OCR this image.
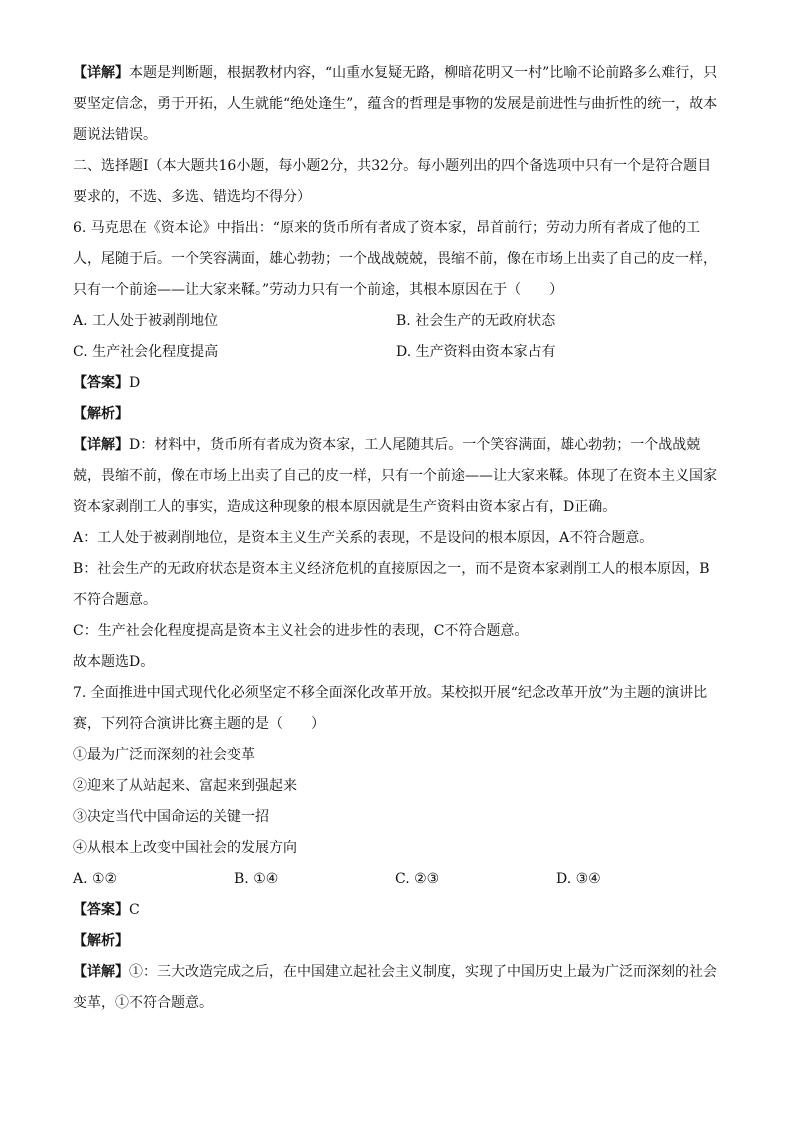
【详解】本题是判断题，根据教材内容，“山重水复疑无路，柳暗花明又一村”比喻不论前路多么难行，只要坚定信念，勇于开拓，人生就能“绝处逢生”，蕴含的哲理是事物的发展是前进性与曲折性的统一，故本题说法错误。

二、选择题Ⅰ（本大题共16小题，每小题2分，共32分。每小题列出的四个备选项中只有一个是符合题目要求的，不选、多选、错选均不得分）

6. 马克思在《资本论》中指出：“原来的货币所有者成了资本家，昂首前行；劳动力所有者成了他的工人，尾随于后。一个笑容满面，雄心勃勃；一个战战兢兢，畏缩不前，像在市场上出卖了自己的皮一样，只有一个前途——让大家来鞣。”劳动力只有一个前途，其根本原因在于（　　）

A. 工人处于被剥削地位	B. 社会生产的无政府状态
C. 生产社会化程度提高	D. 生产资料由资本家占有

【答案】D

【解析】

【详解】D：材料中，货币所有者成为资本家，工人尾随其后。一个笑容满面，雄心勃勃；一个战战兢兢，畏缩不前，像在市场上出卖了自己的皮一样，只有一个前途——让大家来鞣。体现了在资本主义国家资本家剥削工人的事实，造成这种现象的根本原因就是生产资料由资本家占有，D正确。

A：工人处于被剥削地位，是资本主义生产关系的表现，不是设问的根本原因，A不符合题意。

B：社会生产的无政府状态是资本主义经济危机的直接原因之一，而不是资本家剥削工人的根本原因，B不符合题意。

C：生产社会化程度提高是资本主义社会的进步性的表现，C不符合题意。

故本题选D。

7. 全面推进中国式现代化必须坚定不移全面深化改革开放。某校拟开展“纪念改革开放”为主题的演讲比赛，下列符合演讲比赛主题的是（　　）

①最为广泛而深刻的社会变革

②迎来了从站起来、富起来到强起来

③决定当代中国命运的关键一招

④从根本上改变中国社会的发展方向

A. ①②	B. ①④	C. ②③	D. ③④

【答案】C

【解析】

【详解】①：三大改造完成之后，在中国建立起社会主义制度，实现了中国历史上最为广泛而深刻的社会变革，①不符合题意。
